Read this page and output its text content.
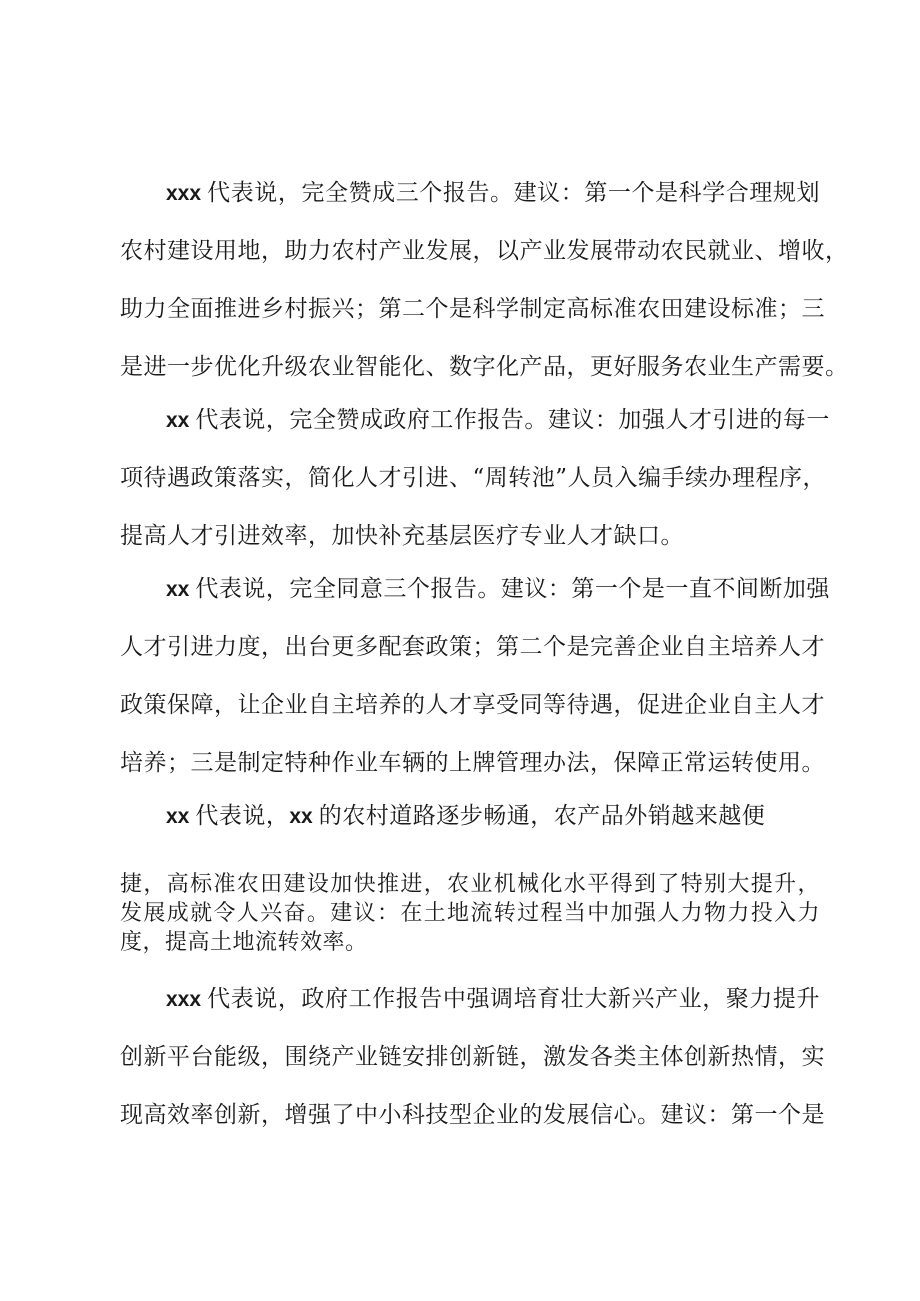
xxx 代表说，完全赞成三个报告。建议：第一个是科学合理规划
农村建设用地，助力农村产业发展，以产业发展带动农民就业、增收，
助力全面推进乡村振兴；第二个是科学制定高标准农田建设标准；三
是进一步优化升级农业智能化、数字化产品，更好服务农业生产需要。
xx 代表说，完全赞成政府工作报告。建议：加强人才引进的每一
项待遇政策落实，简化人才引进、“周转池”人员入编手续办理程序，
提高人才引进效率，加快补充基层医疗专业人才缺口。
xx 代表说，完全同意三个报告。建议：第一个是一直不间断加强
人才引进力度，出台更多配套政策；第二个是完善企业自主培养人才
政策保障，让企业自主培养的人才享受同等待遇，促进企业自主人才
培养；三是制定特种作业车辆的上牌管理办法，保障正常运转使用。
xx 代表说，xx 的农村道路逐步畅通，农产品外销越来越便
捷，高标准农田建设加快推进，农业机械化水平得到了特别大提升，
发展成就令人兴奋。建议：在土地流转过程当中加强人力物力投入力
度，提高土地流转效率。
xxx 代表说，政府工作报告中强调培育壮大新兴产业，聚力提升
创新平台能级，围绕产业链安排创新链，激发各类主体创新热情，实
现高效率创新，增强了中小科技型企业的发展信心。建议：第一个是
